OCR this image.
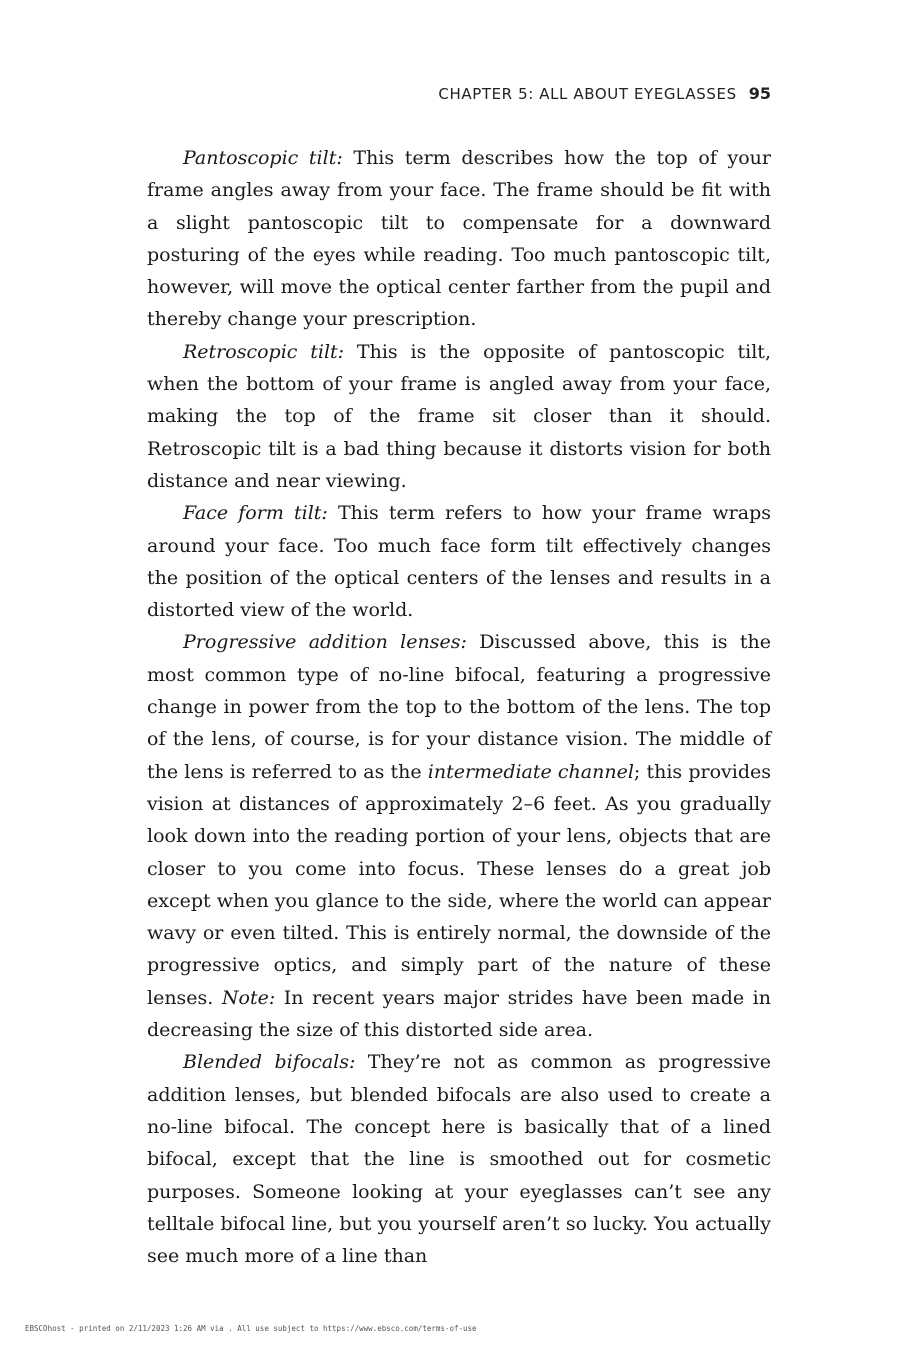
CHAPTER 5: ALL ABOUT EYEGLASSES 95

Pantoscopic tilt: This term describes how the top of your frame angles away from your face. The frame should be fit with a slight pantoscopic tilt to compensate for a downward posturing of the eyes while reading. Too much pantoscopic tilt, however, will move the optical center farther from the pupil and thereby change your prescription.

Retroscopic tilt: This is the opposite of pantoscopic tilt, when the bottom of your frame is angled away from your face, making the top of the frame sit closer than it should. Retroscopic tilt is a bad thing because it distorts vision for both distance and near viewing.

Face form tilt: This term refers to how your frame wraps around your face. Too much face form tilt effectively changes the position of the optical centers of the lenses and results in a distorted view of the world.

Progressive addition lenses: Discussed above, this is the most common type of no-line bifocal, featuring a progressive change in power from the top to the bottom of the lens. The top of the lens, of course, is for your distance vision. The middle of the lens is referred to as the intermediate channel; this provides vision at distances of approximately 2–6 feet. As you gradually look down into the reading portion of your lens, objects that are closer to you come into focus. These lenses do a great job except when you glance to the side, where the world can appear wavy or even tilted. This is entirely normal, the downside of the progressive optics, and simply part of the nature of these lenses. Note: In recent years major strides have been made in decreasing the size of this distorted side area.

Blended bifocals: They’re not as common as progressive addition lenses, but blended bifocals are also used to create a no-line bifocal. The concept here is basically that of a lined bifocal, except that the line is smoothed out for cosmetic purposes. Someone looking at your eyeglasses can’t see any telltale bifocal line, but you yourself aren’t so lucky. You actually see much more of a line than

EBSCOhost - printed on 2/11/2023 1:26 AM via . All use subject to https://www.ebsco.com/terms-of-use
